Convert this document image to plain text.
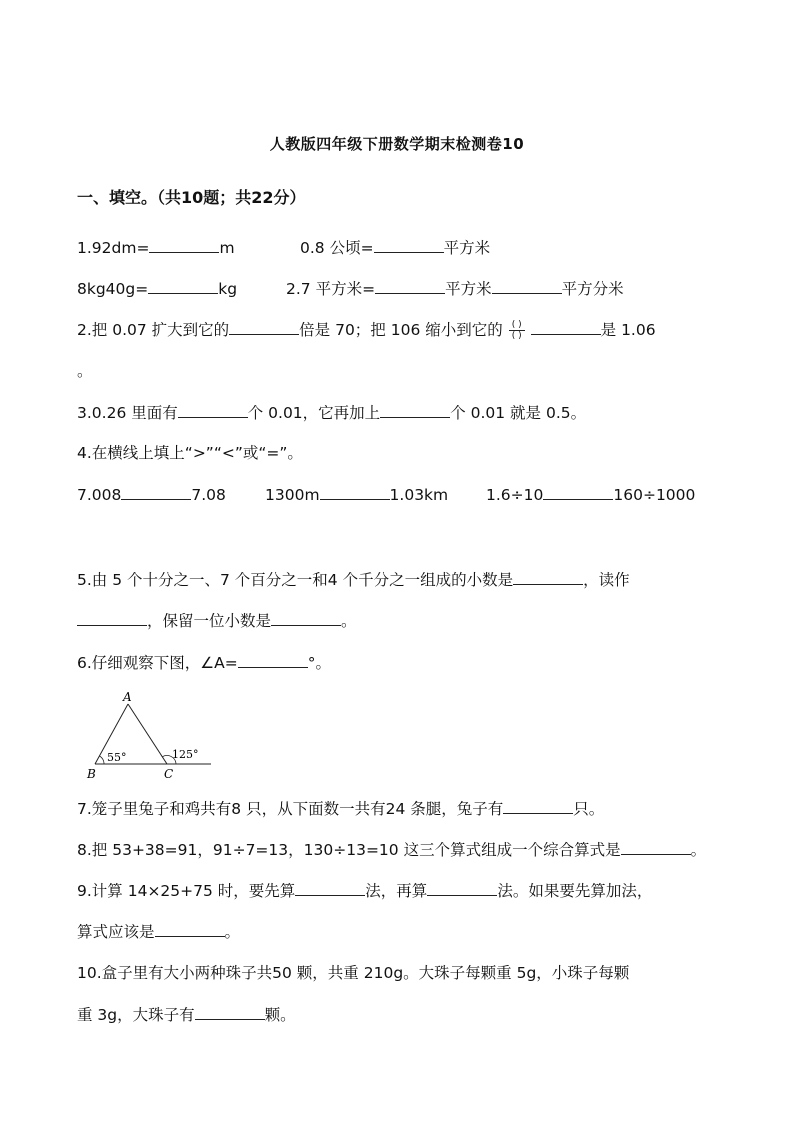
人教版四年级下册数学期末检测卷10
一、填空。（共10题；共22分）
1.92dm=	m	0.8 公顷=	平方米
8kg40g=	kg	2.7 平方米=	平方米	平方分米
2.把 0.07 扩大到它的	倍是 70；把 106 缩小到它的 $\frac{( )}{( )}$	是 1.06
。
3.0.26 里面有	个 0.01，它再加上	个 0.01 就是 0.5。
4.在横线上填上“>”“<”或“=”。
7.008	7.08	1300m	1.03km 1.6÷10	160÷1000
5.由 5 个十分之一、7 个百分之一和4 个千分之一组成的小数是	，读作
，保留一位小数是	。
6.仔细观察下图，∠A=	°。
A
B	C
55°	125°
7.笼子里兔子和鸡共有8 只，从下面数一共有24 条腿，兔子有	只。
8.把 53+38=91，91÷7=13，130÷13=10 这三个算式组成一个综合算式是	。
9.计算 14×25+75 时，要先算	法，再算	法。如果要先算加法，
算式应该是	。
10.盒子里有大小两种珠子共50 颗，共重 210g。大珠子每颗重 5g，小珠子每颗
重 3g，大珠子有	颗。
